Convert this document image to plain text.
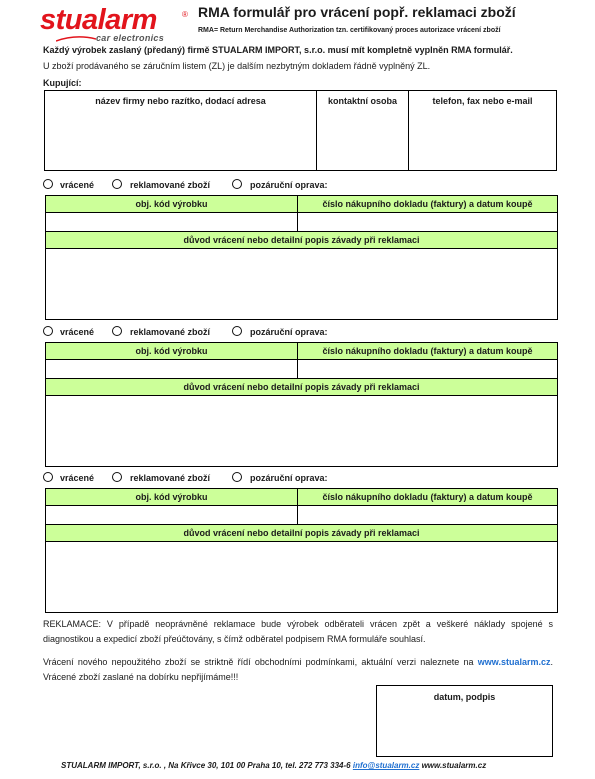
stualarm	®
car electronics
RMA formulář pro vrácení popř. reklamaci zboží
RMA= Return Merchandise Authorization tzn. certifikovaný proces autorizace vrácení zboží
Každý výrobek zaslaný (předaný) firmě STUALARM IMPORT, s.r.o. musí mít kompletně vyplněn RMA formulář.
U zboží prodávaného se záručním listem (ZL) je dalším nezbytným dokladem řádně vyplněný ZL.
Kupující:
název firmy nebo razítko, dodací adresa	kontaktní osoba	telefon, fax nebo e-mail
vrácené	reklamované zboží	pozáruční oprava:
obj. kód výrobku	číslo nákupního dokladu (faktury) a datum koupě
důvod vrácení nebo detailní popis závady při reklamaci
vrácené	reklamované zboží	pozáruční oprava:
obj. kód výrobku	číslo nákupního dokladu (faktury) a datum koupě
důvod vrácení nebo detailní popis závady při reklamaci
vrácené	reklamované zboží	pozáruční oprava:
obj. kód výrobku	číslo nákupního dokladu (faktury) a datum koupě
důvod vrácení nebo detailní popis závady při reklamaci
REKLAMACE: V případě neoprávněné reklamace bude výrobek odběrateli vrácen zpět a veškeré náklady spojené s diagnostikou a expedicí zboží přeúčtovány, s čímž odběratel podpisem RMA formuláře souhlasí.
Vrácení nového nepoužitého zboží se striktně řídí obchodními podmínkami, aktuální verzi naleznete na www.stualarm.cz. Vrácené zboží zaslané na dobírku nepřijímáme!!!
datum, podpis
STUALARM IMPORT, s.r.o. , Na Křivce 30, 101 00 Praha 10, tel. 272 773 334-6 info@stualarm.cz www.stualarm.cz
